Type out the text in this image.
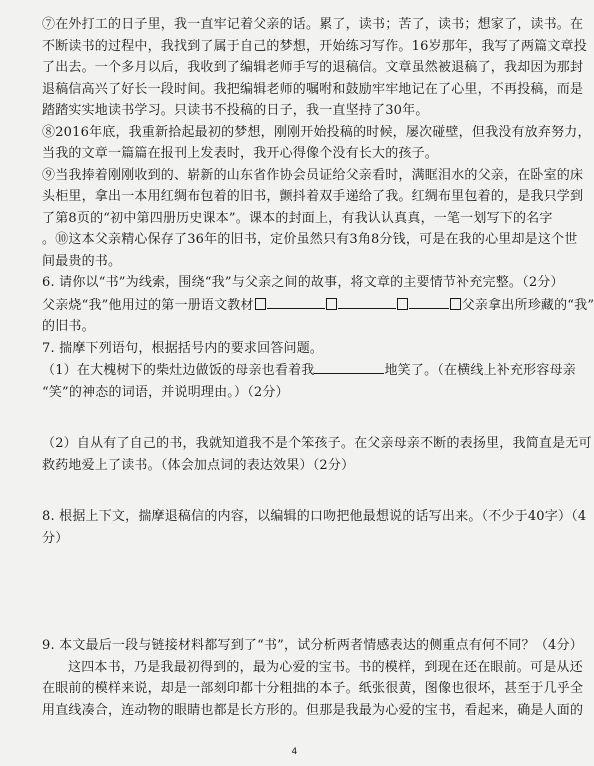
⑦在外打工的日子里，我一直牢记着父亲的话。累了，读书；苦了，读书；想家了，读书。在
不断读书的过程中，我找到了属于自己的梦想，开始练习写作。16岁那年，我写了两篇文章投
了出去。一个多月以后，我收到了编辑老师手写的退稿信。文章虽然被退稿了，我却因为那封
退稿信高兴了好长一段时间。我把编辑老师的嘱咐和鼓励牢牢地记在了心里，不再投稿，而是
踏踏实实地读书学习。只读书不投稿的日子，我一直坚持了30年。
⑧2016年底，我重新拾起最初的梦想，刚刚开始投稿的时候，屡次碰壁，但我没有放弃努力，
当我的文章一篇篇在报刊上发表时，我开心得像个没有长大的孩子。
⑨当我捧着刚刚收到的、崭新的山东省作协会员证给父亲看时，满眶泪水的父亲，在卧室的床
头柜里，拿出一本用红绸布包着的旧书，颤抖着双手递给了我。红绸布里包着的，是我只学到
了第8页的“初中第四册历史课本”。课本的封面上，有我认认真真，一笔一划写下的名字
。⑩这本父亲精心保存了36年的旧书，定价虽然只有3角8分钱，可是在我的心里却是这个世
间最贵的书。
6. 请你以“书”为线索，围绕“我”与父亲之间的故事，将文章的主要情节补充完整。（2分）
父亲烧“我”他用过的第一册语文教材	父亲拿出所珍藏的“我”
的旧书。
7. 揣摩下列语句，根据括号内的要求回答问题。
（1）在大槐树下的柴灶边做饭的母亲也看着我	地笑了。（在横线上补充形容母亲
“笑”的神态的词语，并说明理由。）（2分）
（2）自从有了自己的书，我就知道我不是个笨孩子。在父亲母亲不断的表扬里，我简直是无可
救药地爱上了读书。（体会加点词的表达效果）（2分）
8. 根据上下文，揣摩退稿信的内容，以编辑的口吻把他最想说的话写出来。（不少于40字）（4
分）
9. 本文最后一段与链接材料都写到了“书”，试分析两者情感表达的侧重点有何不同？（4分）
这四本书，乃是我最初得到的，最为心爱的宝书。书的模样，到现在还在眼前。可是从还
在眼前的模样来说，却是一部刻印都十分粗拙的本子。纸张很黄，图像也很坏，甚至于几乎全
用直线凑合，连动物的眼睛也都是长方形的。但那是我最为心爱的宝书，看起来，确是人面的
4
